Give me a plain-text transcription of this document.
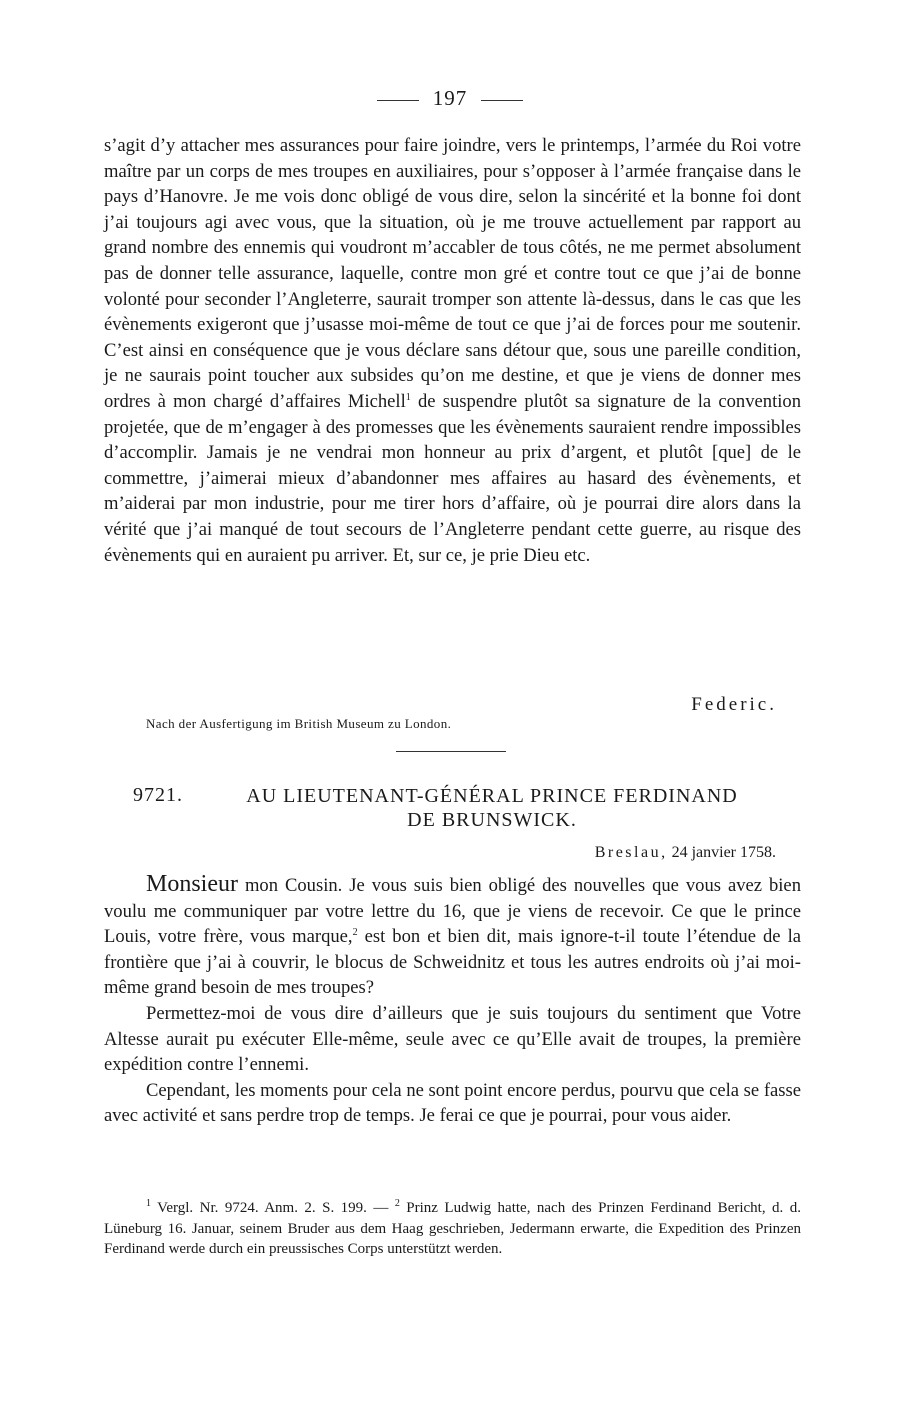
197

s’agit d’y attacher mes assurances pour faire joindre, vers le printemps, l’armée du Roi votre maître par un corps de mes troupes en auxiliaires, pour s’opposer à l’armée française dans le pays d’Hanovre. Je me vois donc obligé de vous dire, selon la sincérité et la bonne foi dont j’ai toujours agi avec vous, que la situation, où je me trouve actuellement par rapport au grand nombre des ennemis qui voudront m’accabler de tous côtés, ne me permet absolument pas de donner telle assurance, laquelle, contre mon gré et contre tout ce que j’ai de bonne volonté pour seconder l’Angleterre, saurait tromper son attente là-dessus, dans le cas que les évènements exigeront que j’usasse moi-même de tout ce que j’ai de forces pour me soutenir. C’est ainsi en conséquence que je vous déclare sans détour que, sous une pareille condition, je ne saurais point toucher aux subsides qu’on me destine, et que je viens de donner mes ordres à mon chargé d’affaires Michell$^1$ de suspendre plutôt sa signature de la convention projetée, que de m’engager à des promesses que les évènements sauraient rendre impossibles d’accomplir. Jamais je ne vendrai mon honneur au prix d’argent, et plutôt [que] de le commettre, j’aimerai mieux d’abandonner mes affaires au hasard des évènements, et m’aiderai par mon industrie, pour me tirer hors d’affaire, où je pourrai dire alors dans la vérité que j’ai manqué de tout secours de l’Angleterre pendant cette guerre, au risque des évènements qui en auraient pu arriver. Et, sur ce, je prie Dieu etc.

Federic.
Nach der Ausfertigung im British Museum zu London.
9721.	AU LIEUTENANT-GÉNÉRAL PRINCE FERDINAND
DE BRUNSWICK.
Breslau, 24 janvier 1758.

Monsieur mon Cousin. Je vous suis bien obligé des nouvelles que vous avez bien voulu me communiquer par votre lettre du 16, que je viens de recevoir. Ce que le prince Louis, votre frère, vous marque,$^2$ est bon et bien dit, mais ignore-t-il toute l’étendue de la frontière que j’ai à couvrir, le blocus de Schweidnitz et tous les autres endroits où j’ai moi-même grand besoin de mes troupes?

Permettez-moi de vous dire d’ailleurs que je suis toujours du sentiment que Votre Altesse aurait pu exécuter Elle-même, seule avec ce qu’Elle avait de troupes, la première expédition contre l’ennemi.

Cependant, les moments pour cela ne sont point encore perdus, pourvu que cela se fasse avec activité et sans perdre trop de temps. Je ferai ce que je pourrai, pour vous aider.

$^1$ Vergl. Nr. 9724. Anm. 2. S. 199. — $^2$ Prinz Ludwig hatte, nach des Prinzen Ferdinand Bericht, d. d. Lüneburg 16. Januar, seinem Bruder aus dem Haag geschrieben, Jedermann erwarte, die Expedition des Prinzen Ferdinand werde durch ein preussisches Corps unterstützt werden.
